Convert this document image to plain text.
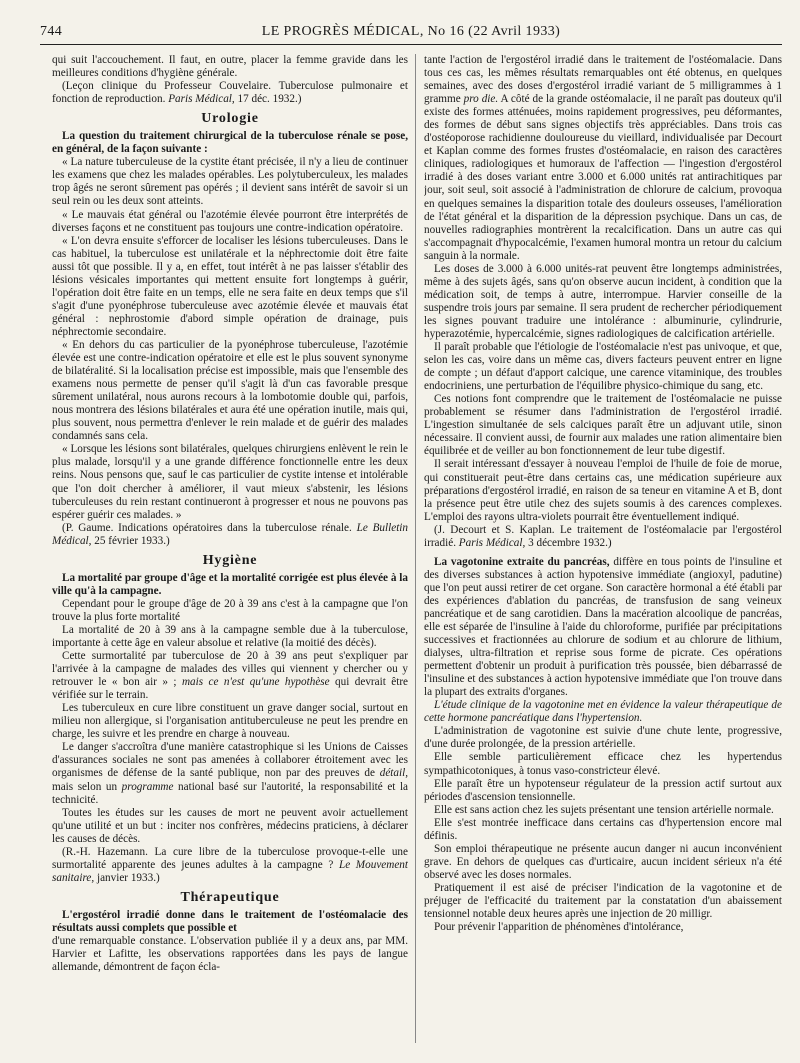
744	LE PROGRÈS MÉDICAL, No 16 (22 Avril 1933)

qui suit l'accouchement. Il faut, en outre, placer la femme gravide dans les meilleures conditions d'hygiène générale.

(Leçon clinique du Professeur Couvelaire. Tuberculose pulmonaire et fonction de reproduction. Paris Médical, 17 déc. 1932.)

Urologie

La question du traitement chirurgical de la tuberculose rénale se pose, en général, de la façon suivante :

« La nature tuberculeuse de la cystite étant précisée, il n'y a lieu de continuer les examens que chez les malades opérables. Les polytuberculeux, les malades trop âgés ne seront sûrement pas opérés ; il devient sans intérêt de savoir si un seul rein ou les deux sont atteints.

« Le mauvais état général ou l'azotémie élevée pourront être interprétés de diverses façons et ne constituent pas toujours une contre-indication opératoire.

« L'on devra ensuite s'efforcer de localiser les lésions tuberculeuses. Dans le cas habituel, la tuberculose est unilatérale et la néphrectomie doit être faite aussi tôt que possible. Il y a, en effet, tout intérêt à ne pas laisser s'établir des lésions vésicales importantes qui mettent ensuite fort longtemps à guérir, l'opération doit être faite en un temps, elle ne sera faite en deux temps que s'il s'agit d'une pyonéphrose tuberculeuse avec azotémie élevée et mauvais état général : nephrostomie d'abord simple opération de drainage, puis néphrectomie secondaire.

« En dehors du cas particulier de la pyonéphrose tuberculeuse, l'azotémie élevée est une contre-indication opératoire et elle est le plus souvent synonyme de bilatéralité. Si la localisation précise est impossible, mais que l'ensemble des examens nous permette de penser qu'il s'agit là d'un cas favorable presque sûrement unilatéral, nous aurons recours à la lombotomie double qui, parfois, nous montrera des lésions bilatérales et aura été une opération inutile, mais qui, plus souvent, nous permettra d'enlever le rein malade et de guérir des malades condamnés sans cela.

« Lorsque les lésions sont bilatérales, quelques chirurgiens enlèvent le rein le plus malade, lorsqu'il y a une grande différence fonctionnelle entre les deux reins. Nous pensons que, sauf le cas particulier de cystite intense et intolérable que l'on doit chercher à améliorer, il vaut mieux s'abstenir, les lésions tuberculeuses du rein restant continueront à progresser et nous ne pouvons pas espérer guérir ces malades. »

(P. Gaume. Indications opératoires dans la tuberculose rénale. Le Bulletin Médical, 25 février 1933.)

Hygiène

La mortalité par groupe d'âge et la mortalité corrigée est plus élevée à la ville qu'à la campagne.

Cependant pour le groupe d'âge de 20 à 39 ans c'est à la campagne que l'on trouve la plus forte mortalité

La mortalité de 20 à 39 ans à la campagne semble due à la tuberculose, importante à cette âge en valeur absolue et relative (la moitié des décès).

Cette surmortalité par tuberculose de 20 à 39 ans peut s'expliquer par l'arrivée à la campagne de malades des villes qui viennent y chercher ou y retrouver le « bon air » ; mais ce n'est qu'une hypothèse qui devrait être vérifiée sur le terrain.

Les tuberculeux en cure libre constituent un grave danger social, surtout en milieu non allergique, si l'organisation antituberculeuse ne peut les prendre en charge, les suivre et les prendre en charge à nouveau.

Le danger s'accroîtra d'une manière catastrophique si les Unions de Caisses d'assurances sociales ne sont pas amenées à collaborer étroitement avec les organismes de défense de la santé publique, non par des preuves de détail, mais selon un programme national basé sur l'autorité, la responsabilité et la technicité.

Toutes les études sur les causes de mort ne peuvent avoir actuellement qu'une utilité et un but : inciter nos confrères, médecins praticiens, à déclarer les causes de décès.

(R.-H. Hazemann. La cure libre de la tuberculose provoque-t-elle une surmortalité apparente des jeunes adultes à la campagne ? Le Mouvement sanitaire, janvier 1933.)

Thérapeutique

L'ergostérol irradié donne dans le traitement de l'ostéomalacie des résultats aussi complets que possible et

d'une remarquable constance. L'observation publiée il y a deux ans, par MM. Harvier et Lafitte, les observations rapportées dans les pays de langue allemande, démontrent de façon écla-

tante l'action de l'ergostérol irradié dans le traitement de l'ostéomalacie. Dans tous ces cas, les mêmes résultats remarquables ont été obtenus, en quelques semaines, avec des doses d'ergostérol irradié variant de 5 milligrammes à 1 gramme pro die. A côté de la grande ostéomalacie, il ne paraît pas douteux qu'il existe des formes atténuées, moins rapidement progressives, peu déformantes, des formes de début sans signes objectifs très appréciables. Dans trois cas d'ostéoporose rachidienne douloureuse du vieillard, individualisée par Decourt et Kaplan comme des formes frustes d'ostéomalacie, en raison des caractères cliniques, radiologiques et humoraux de l'affection — l'ingestion d'ergostérol irradié à des doses variant entre 3.000 et 6.000 unités rat antirachitiques par jour, soit seul, soit associé à l'administration de chlorure de calcium, provoqua en quelques semaines la disparition totale des douleurs osseuses, l'amélioration de l'état général et la disparition de la dépression psychique. Dans un cas, de nouvelles radiographies montrèrent la recalcification. Dans un autre cas qui s'accompagnait d'hypocalcémie, l'examen humoral montra un retour du calcium sanguin à la normale.

Les doses de 3.000 à 6.000 unités-rat peuvent être longtemps administrées, même à des sujets âgés, sans qu'on observe aucun incident, à condition que la médication soit, de temps à autre, interrompue. Harvier conseille de la suspendre trois jours par semaine. Il sera prudent de rechercher périodiquement les signes pouvant traduire une intolérance : albuminurie, cylindrurie, hyperazotémie, hypercalcémie, signes radiologiques de calcification artérielle.

Il paraît probable que l'étiologie de l'ostéomalacie n'est pas univoque, et que, selon les cas, voire dans un même cas, divers facteurs peuvent entrer en ligne de compte ; un défaut d'apport calcique, une carence vitaminique, des troubles endocriniens, une perturbation de l'équilibre physico-chimique du sang, etc.

Ces notions font comprendre que le traitement de l'ostéomalacie ne puisse probablement se résumer dans l'administration de l'ergostérol irradié. L'ingestion simultanée de sels calciques paraît être un adjuvant utile, sinon nécessaire. Il convient aussi, de fournir aux malades une ration alimentaire bien équilibrée et de veiller au bon fonctionnement de leur tube digestif.

Il serait intéressant d'essayer à nouveau l'emploi de l'huile de foie de morue, qui constituerait peut-être dans certains cas, une médication supérieure aux préparations d'ergostérol irradié, en raison de sa teneur en vitamine A et B, dont la présence peut être utile chez des sujets soumis à des carences complexes. L'emploi des rayons ultra-violets pourrait être éventuellement indiqué.

(J. Decourt et S. Kaplan. Le traitement de l'ostéomalacie par l'ergostérol irradié. Paris Médical, 3 décembre 1932.)

La vagotonine extraite du pancréas, diffère en tous points de l'insuline et des diverses substances à action hypotensive immédiate (angioxyl, padutine) que l'on peut aussi retirer de cet organe. Son caractère hormonal a été établi par des expériences d'ablation du pancréas, de transfusion de sang veineux pancréatique et de sang carotidien. Dans la macération alcoolique de pancréas, elle est séparée de l'insuline à l'aide du chloroforme, purifiée par précipitations successives et fractionnées au chlorure de sodium et au chlorure de lithium, dialyses, ultra-filtration et reprise sous forme de picrate. Ces opérations permettent d'obtenir un produit à purification très poussée, bien débarrassé de l'insuline et des substances à action hypotensive immédiate que l'on trouve dans la plupart des extraits d'organes.

L'étude clinique de la vagotonine met en évidence la valeur thérapeutique de cette hormone pancréatique dans l'hypertension.

L'administration de vagotonine est suivie d'une chute lente, progressive, d'une durée prolongée, de la pression artérielle.

Elle semble particulièrement efficace chez les hypertendus sympathicotoniques, à tonus vaso-constricteur élevé.

Elle paraît être un hypotenseur régulateur de la pression actif surtout aux périodes d'ascension tensionnelle.

Elle est sans action chez les sujets présentant une tension artérielle normale.

Elle s'est montrée inefficace dans certains cas d'hypertension encore mal définis.

Son emploi thérapeutique ne présente aucun danger ni aucun inconvénient grave. En dehors de quelques cas d'urticaire, aucun incident sérieux n'a été observé avec les doses normales.

Pratiquement il est aisé de préciser l'indication de la vagotonine et de préjuger de l'efficacité du traitement par la constatation d'un abaissement tensionnel notable deux heures après une injection de 20 milligr.

Pour prévenir l'apparition de phénomènes d'intolérance,
